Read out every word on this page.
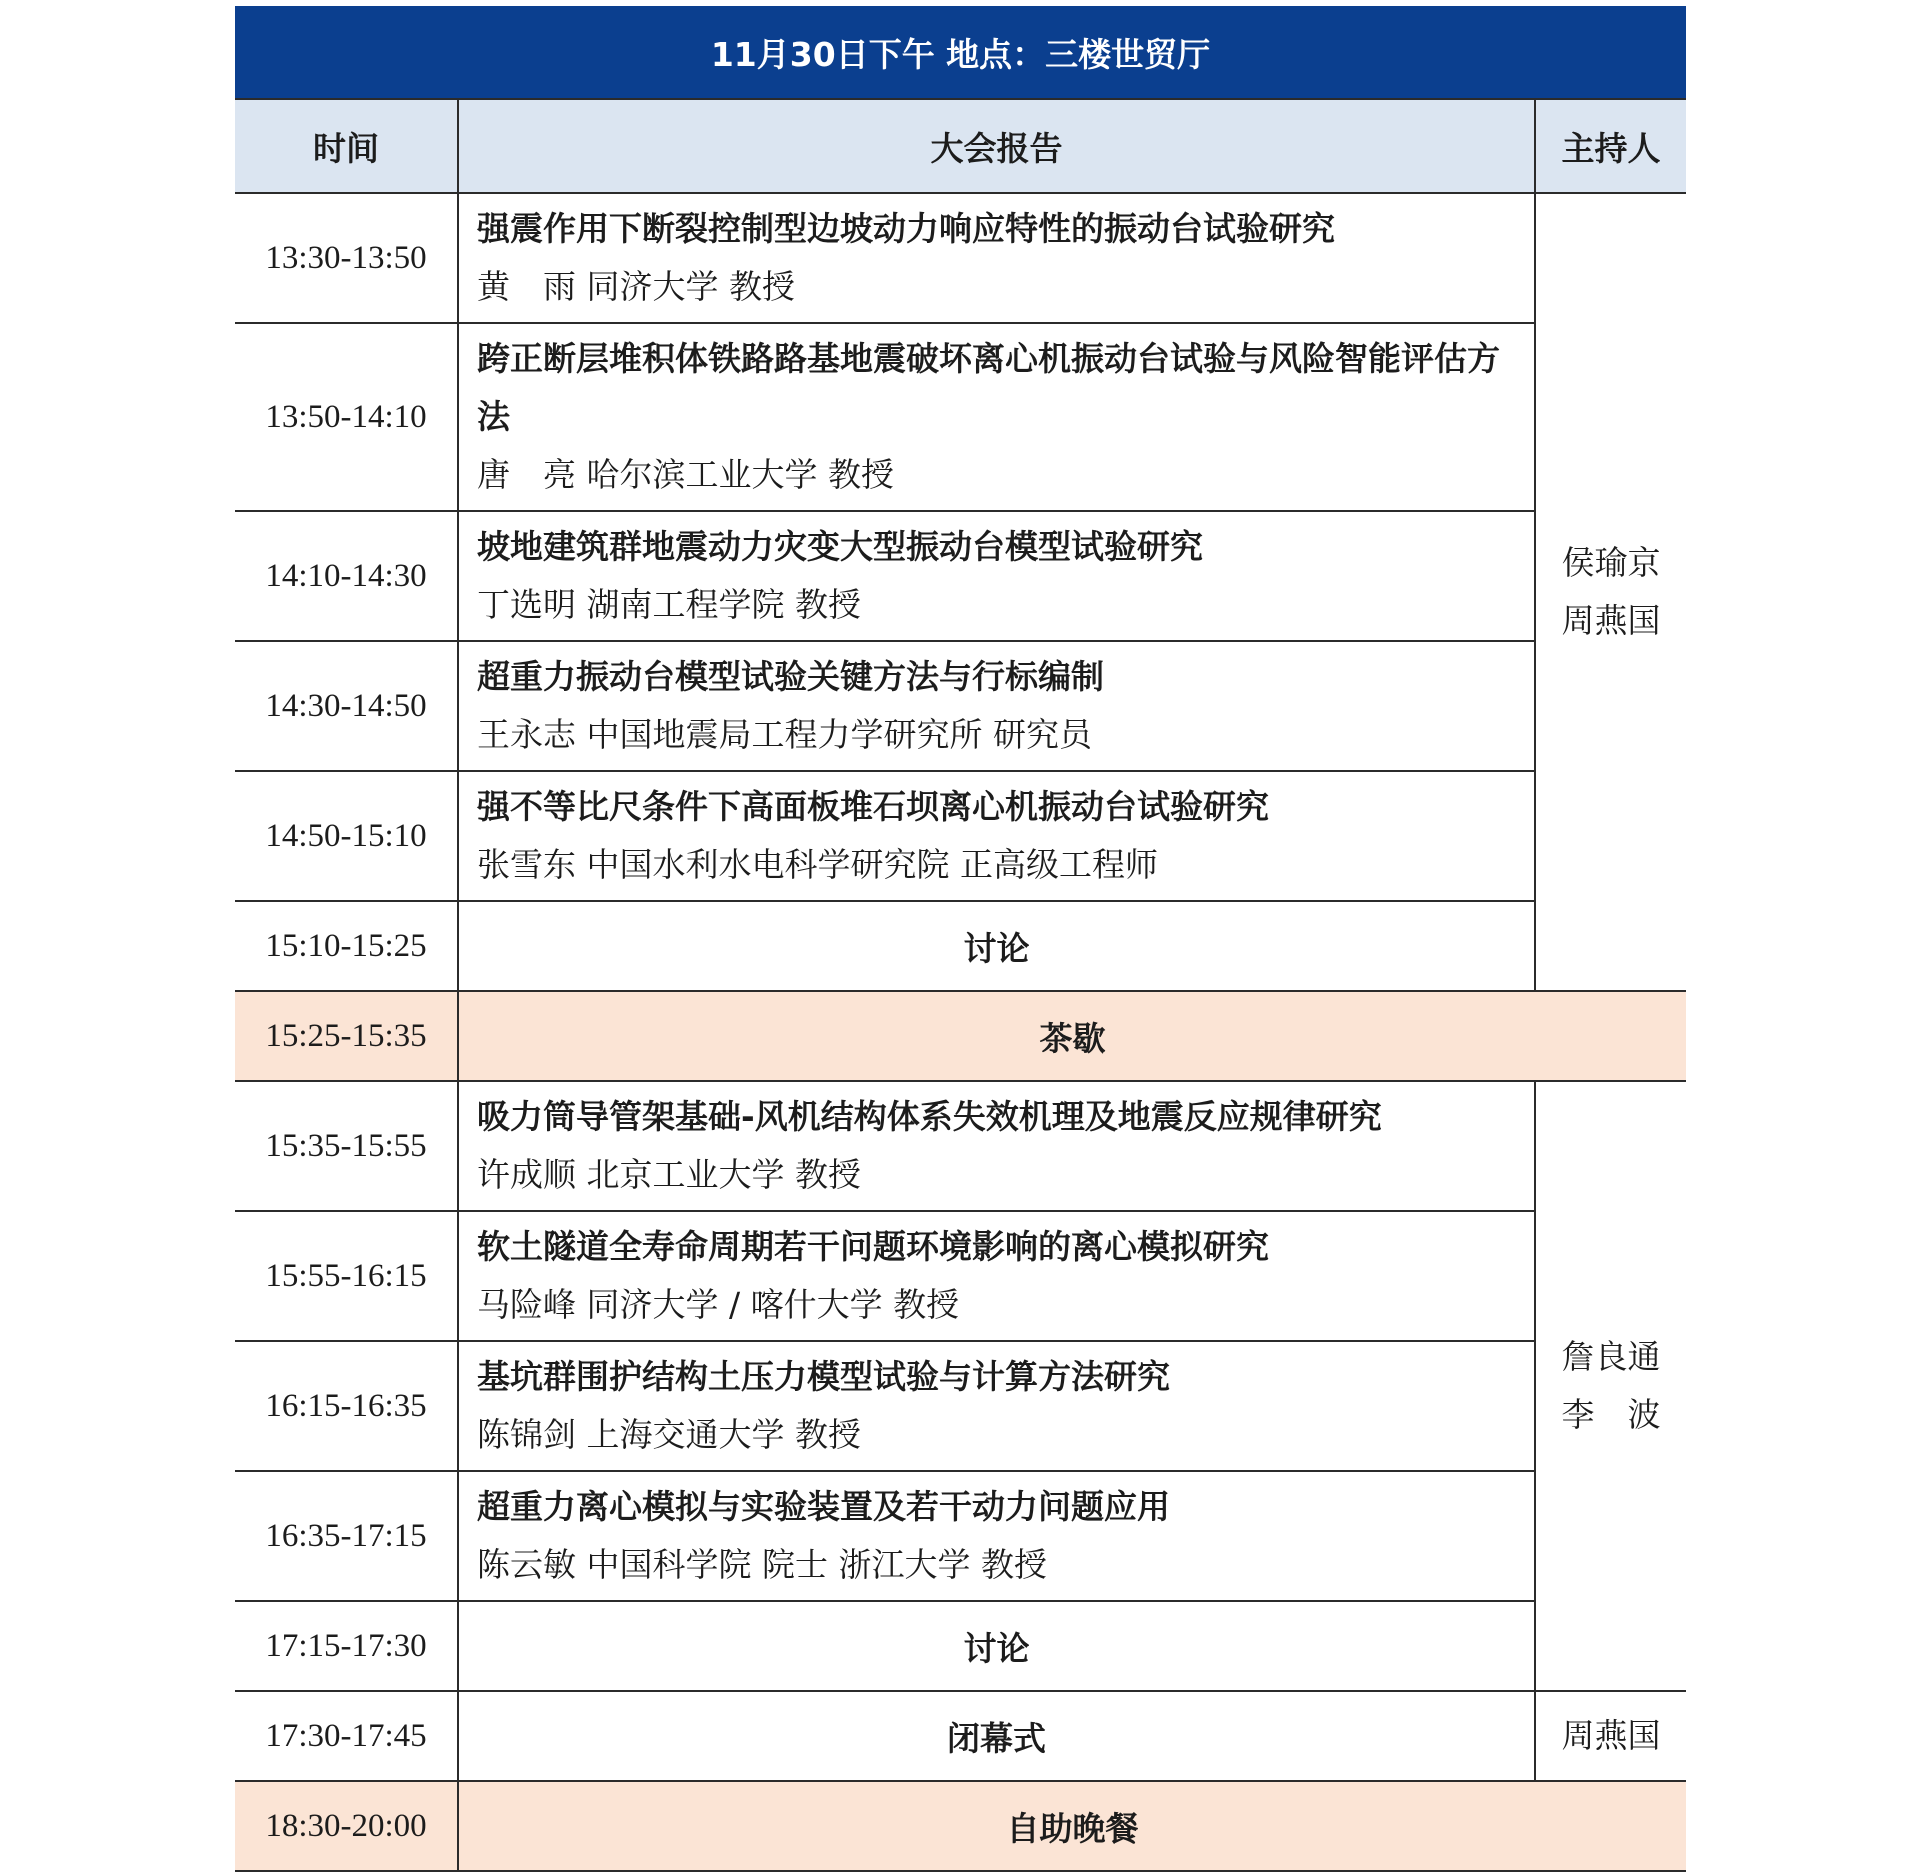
11月30日下午 地点：三楼世贸厅		
时间	大会报告	主持人
13:30-13:50	强震作用下断裂控制型边坡动力响应特性的振动台试验研究
黄　雨 同济大学 教授	侯瑜京
周燕国

13:50-14:10	跨正断层堆积体铁路路基地震破坏离心机振动台试验与风险智能评估方法
唐　亮 哈尔滨工业大学 教授	

14:10-14:30	坡地建筑群地震动力灾变大型振动台模型试验研究
丁选明 湖南工程学院 教授	

14:30-14:50	超重力振动台模型试验关键方法与行标编制
王永志 中国地震局工程力学研究所 研究员	

14:50-15:10	强不等比尺条件下高面板堆石坝离心机振动台试验研究
张雪东 中国水利水电科学研究院 正高级工程师	

15:10-15:25	讨论	
15:25-15:35	茶歇	
15:35-15:55	吸力筒导管架基础-风机结构体系失效机理及地震反应规律研究
许成顺 北京工业大学 教授	詹良通
李　波

15:55-16:15	软土隧道全寿命周期若干问题环境影响的离心模拟研究
马险峰 同济大学 / 喀什大学 教授	

16:15-16:35	基坑群围护结构土压力模型试验与计算方法研究
陈锦剑 上海交通大学 教授	

16:35-17:15	超重力离心模拟与实验装置及若干动力问题应用
陈云敏 中国科学院 院士 浙江大学 教授	

17:15-17:30	讨论	
17:30-17:45	闭幕式	周燕国
18:30-20:00	自助晚餐	
